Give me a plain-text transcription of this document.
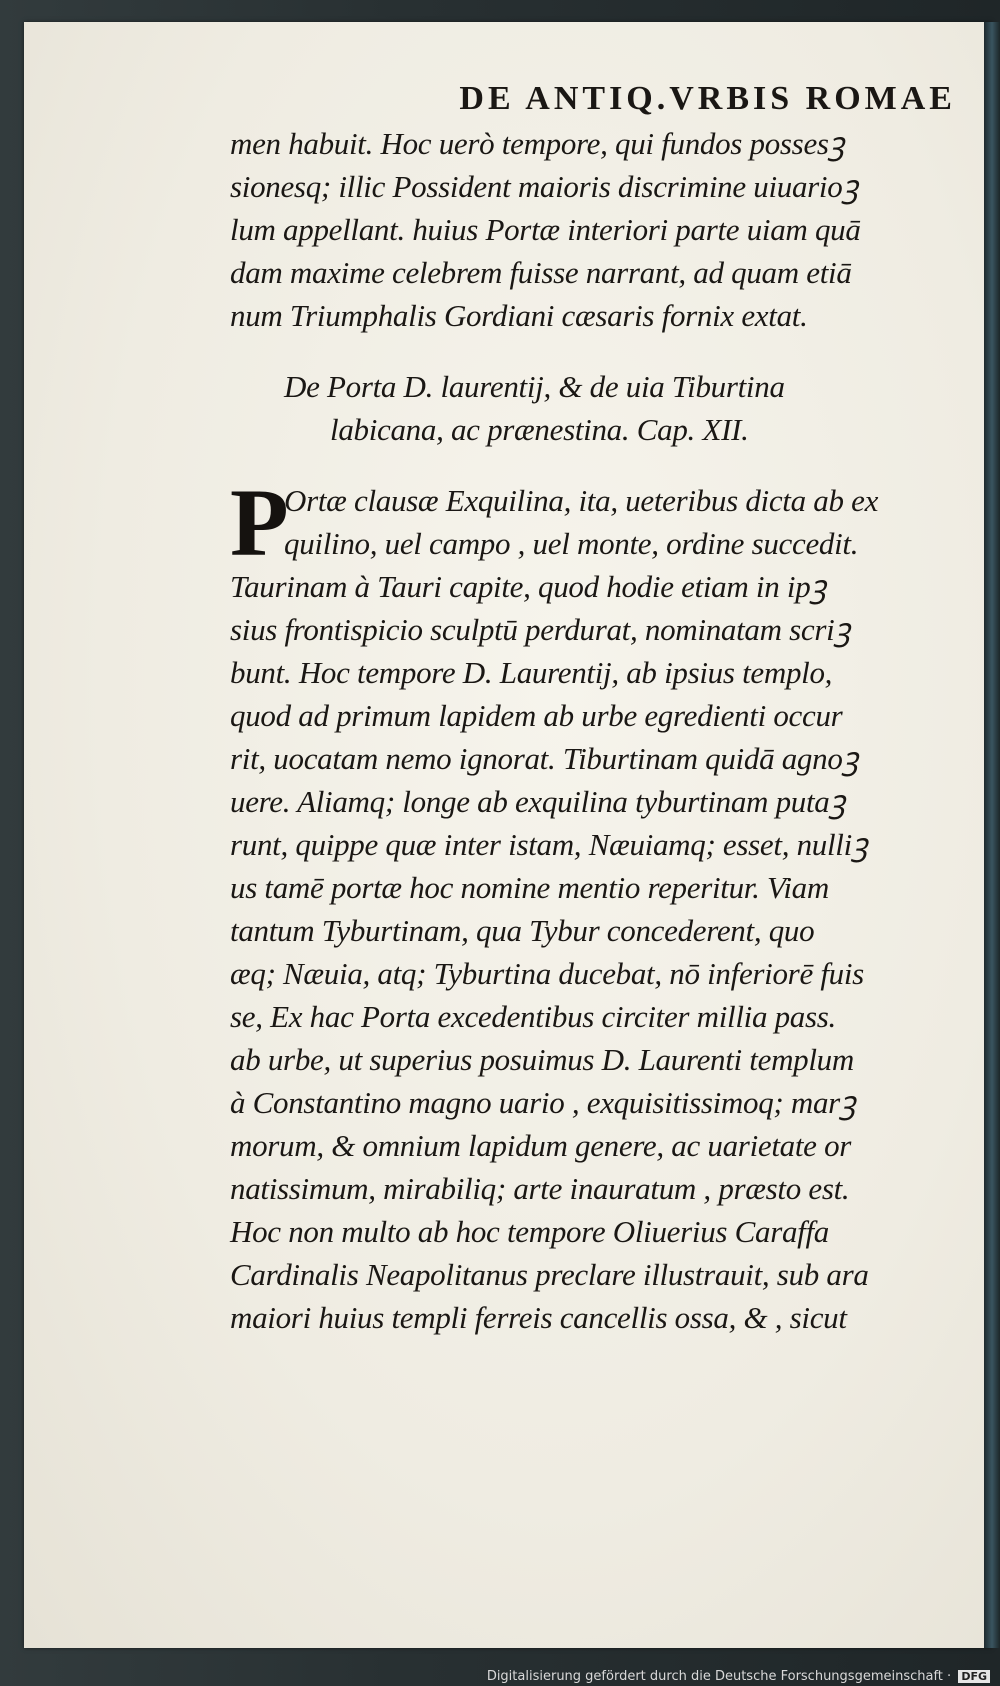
DE ANTIQ.VRBIS ROMAE
men habuit. Hoc uerò tempore, qui fundos possesꝫ
sionesq; illic Possident maioris discrimine uiuarioꝫ
lum appellant. huius Portæ interiori parte uiam quā
dam maxime celebrem fuisse narrant, ad quam etiā
num Triumphalis Gordiani cæsaris fornix extat.
De Porta D. laurentij, & de uia Tiburtina
labicana, ac prænestina. Cap. XII.
P
Ortæ clausæ Exquilina, ita, ueteribus dicta ab ex
quilino, uel campo , uel monte, ordine succedit.
Taurinam à Tauri capite, quod hodie etiam in ipꝫ
sius frontispicio sculptū perdurat, nominatam scriꝫ
bunt. Hoc tempore D. Laurentij, ab ipsius templo,
quod ad primum lapidem ab urbe egredienti occur
rit, uocatam nemo ignorat. Tiburtinam quidā agnoꝫ
uere. Aliamq; longe ab exquilina tyburtinam putaꝫ
runt, quippe quæ inter istam, Næuiamq; esset, nulliꝫ
us tamē portæ hoc nomine mentio reperitur. Viam
tantum Tyburtinam, qua Tybur concederent, quo
æq; Næuia, atq; Tyburtina ducebat, nō inferiorē fuis
se, Ex hac Porta excedentibus circiter millia pass.
ab urbe, ut superius posuimus D. Laurenti templum
à Constantino magno uario , exquisitissimoq; marꝫ
morum, & omnium lapidum genere, ac uarietate or
natissimum, mirabiliq; arte inauratum , præsto est.
Hoc non multo ab hoc tempore Oliuerius Caraffa
Cardinalis Neapolitanus preclare illustrauit, sub ara
maiori huius templi ferreis cancellis ossa, & , sicut
Digitalisierung gefördert durch die Deutsche Forschungsgemeinschaft · DFG
